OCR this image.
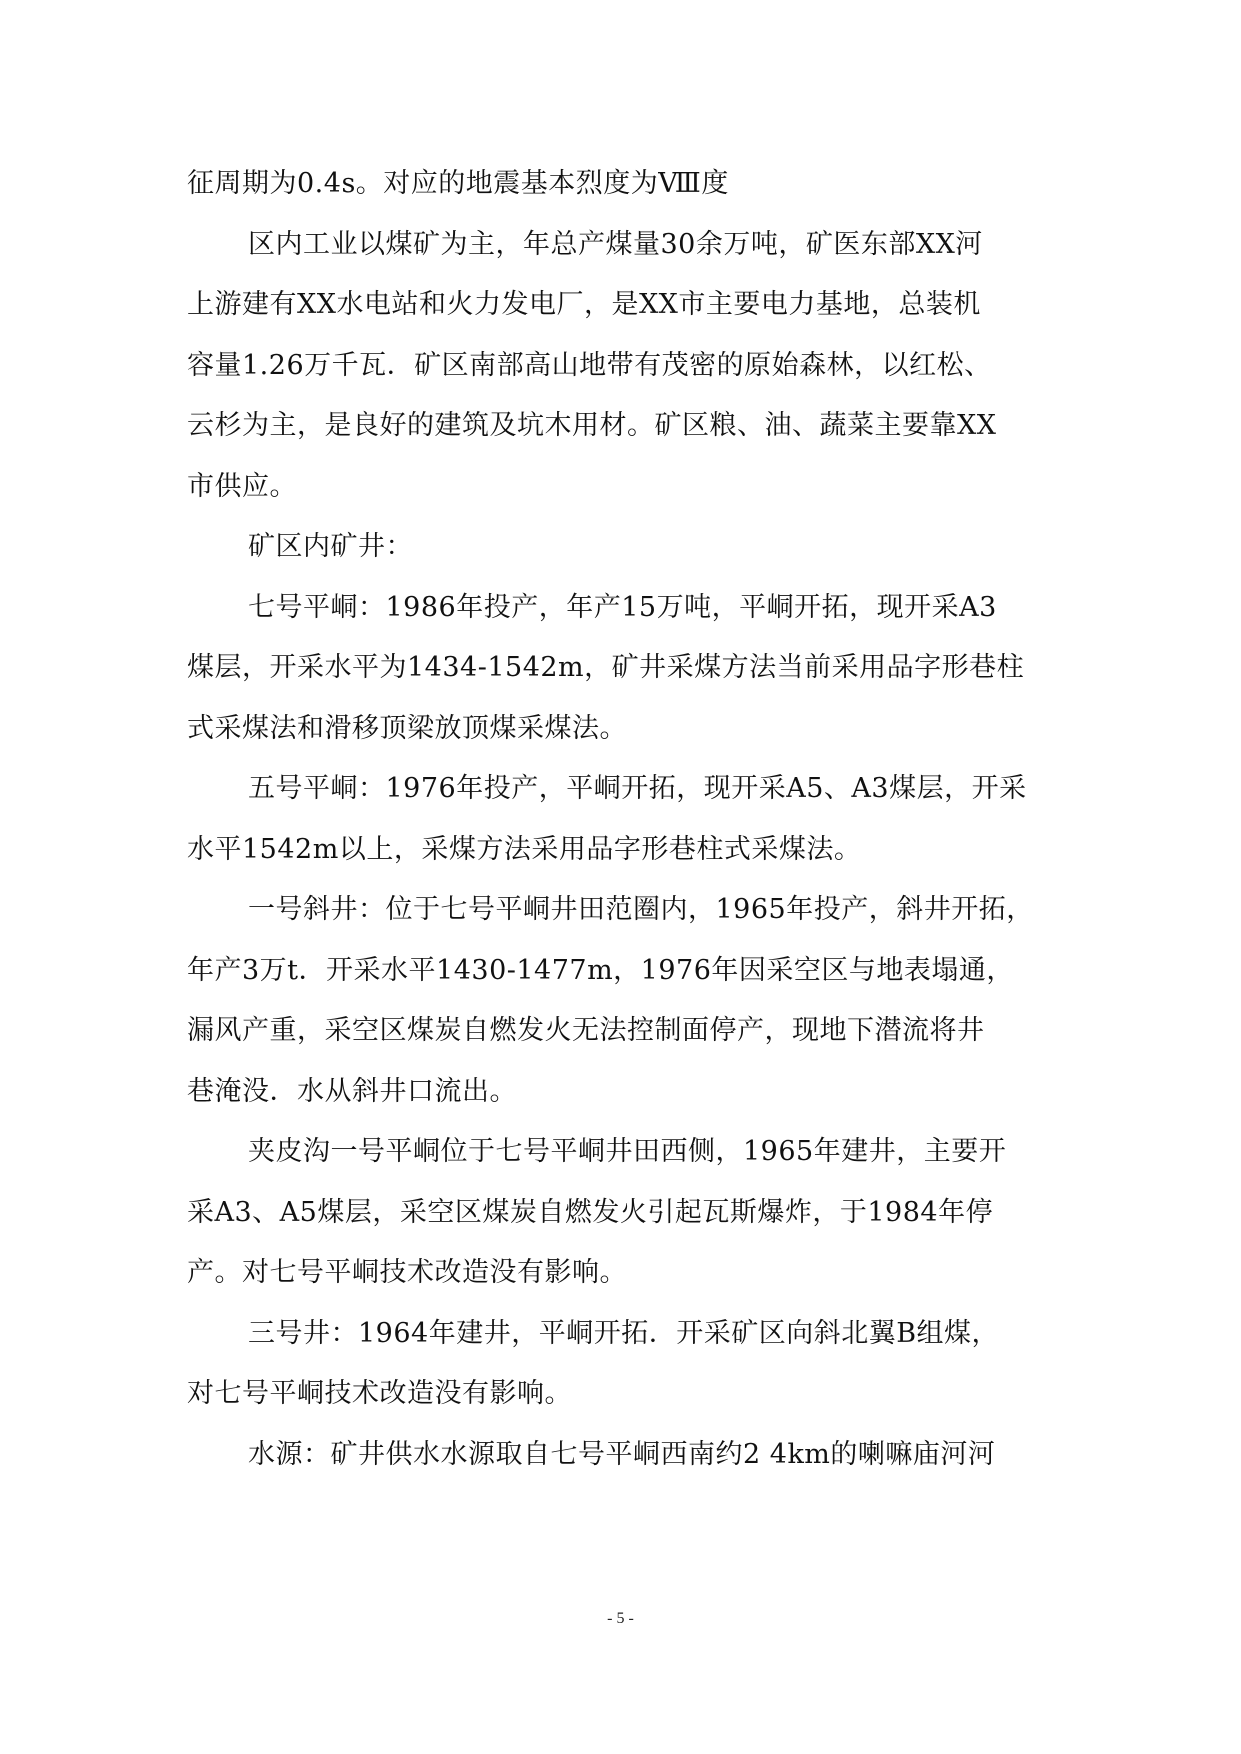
征周期为0.4s。对应的地震基本烈度为Ⅷ度
区内工业以煤矿为主，年总产煤量30余万吨，矿医东部XX河
上游建有XX水电站和火力发电厂，是XX市主要电力基地，总装机
容量1.26万千瓦．矿区南部高山地带有茂密的原始森林，以红松、
云杉为主，是良好的建筑及坑木用材。矿区粮、油、蔬菜主要靠XX
市供应。
矿区内矿井：
七号平峒：1986年投产，年产15万吨，平峒开拓，现开采A3
煤层，开采水平为1434-1542m，矿井采煤方法当前采用品字形巷柱
式采煤法和滑移顶梁放顶煤采煤法。
五号平峒：1976年投产，平峒开拓，现开采A5、A3煤层，开采
水平1542m以上，采煤方法采用品字形巷柱式采煤法。
一号斜井：位于七号平峒井田范圈内，1965年投产，斜井开拓，
年产3万t．开采水平1430-1477m，1976年因采空区与地表塌通，
漏风产重，采空区煤炭自燃发火无法控制面停产，现地下潜流将井
巷淹没．水从斜井口流出。
夹皮沟一号平峒位于七号平峒井田西侧，1965年建井，主要开
采A3、A5煤层，采空区煤炭自燃发火引起瓦斯爆炸，于1984年停
产。对七号平峒技术改造没有影响。
三号井：1964年建井，平峒开拓．开采矿区向斜北翼B组煤，
对七号平峒技术改造没有影响。
水源：矿井供水水源取自七号平峒西南约2 4km的喇嘛庙河河
- 5 -
